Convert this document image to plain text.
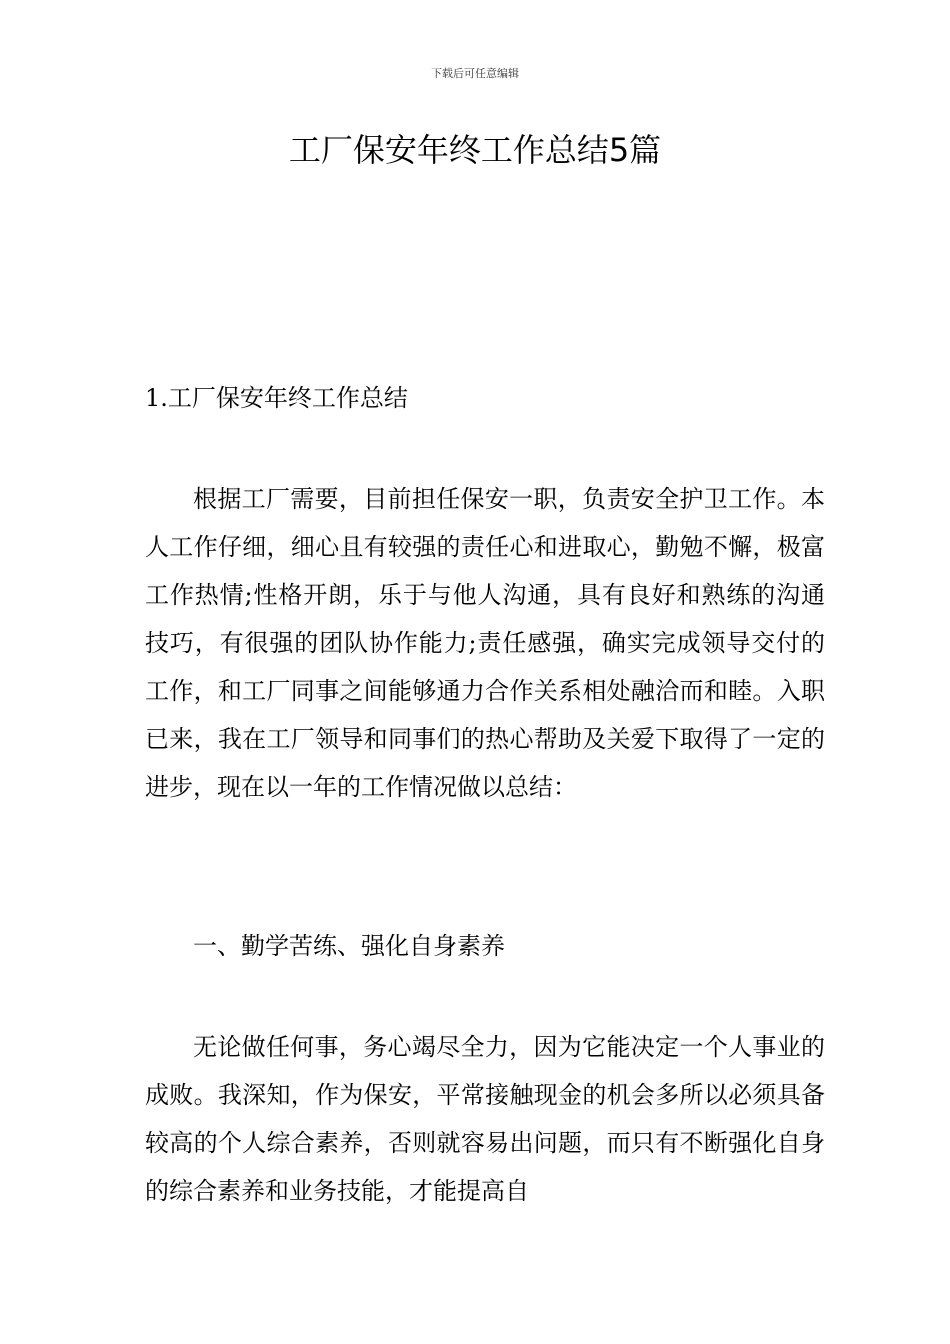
下载后可任意编辑
工厂保安年终工作总结5篇
1.工厂保安年终工作总结

根据工厂需要，目前担任保安一职，负责安全护卫工作。本人工作仔细，细心且有较强的责任心和进取心，勤勉不懈，极富工作热情;性格开朗，乐于与他人沟通，具有良好和熟练的沟通技巧，有很强的团队协作能力;责任感强，确实完成领导交付的工作，和工厂同事之间能够通力合作关系相处融洽而和睦。入职已来，我在工厂领导和同事们的热心帮助及关爱下取得了一定的进步，现在以一年的工作情况做以总结：

一、勤学苦练、强化自身素养

无论做任何事，务心竭尽全力，因为它能决定一个人事业的成败。我深知，作为保安，平常接触现金的机会多所以必须具备较高的个人综合素养，否则就容易出问题，而只有不断强化自身的综合素养和业务技能，才能提高自
